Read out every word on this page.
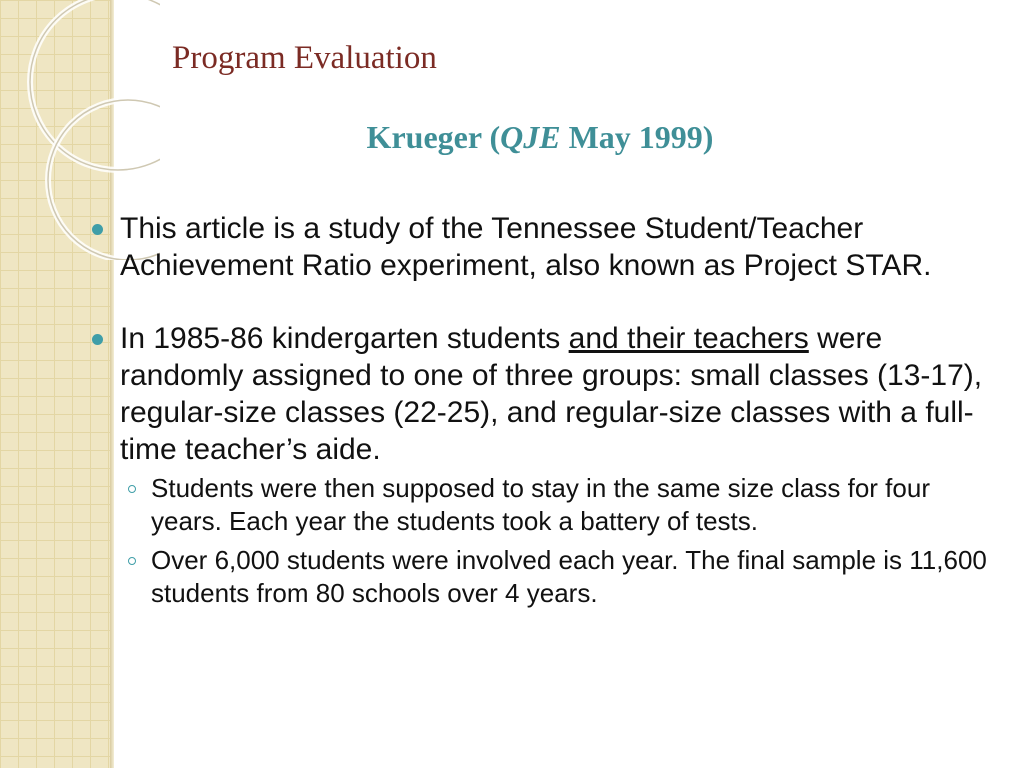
Program Evaluation
Krueger (QJE May 1999)
This article is a study of the Tennessee Student/Teacher Achievement Ratio experiment, also known as Project STAR.
In 1985-86 kindergarten students and their teachers were randomly assigned to one of three groups: small classes (13-17), regular-size classes (22-25), and regular-size classes with a full-time teacher’s aide.
Students were then supposed to stay in the same size class for four years. Each year the students took a battery of tests.
Over 6,000 students were involved each year. The final sample is 11,600 students from 80 schools over 4 years.
